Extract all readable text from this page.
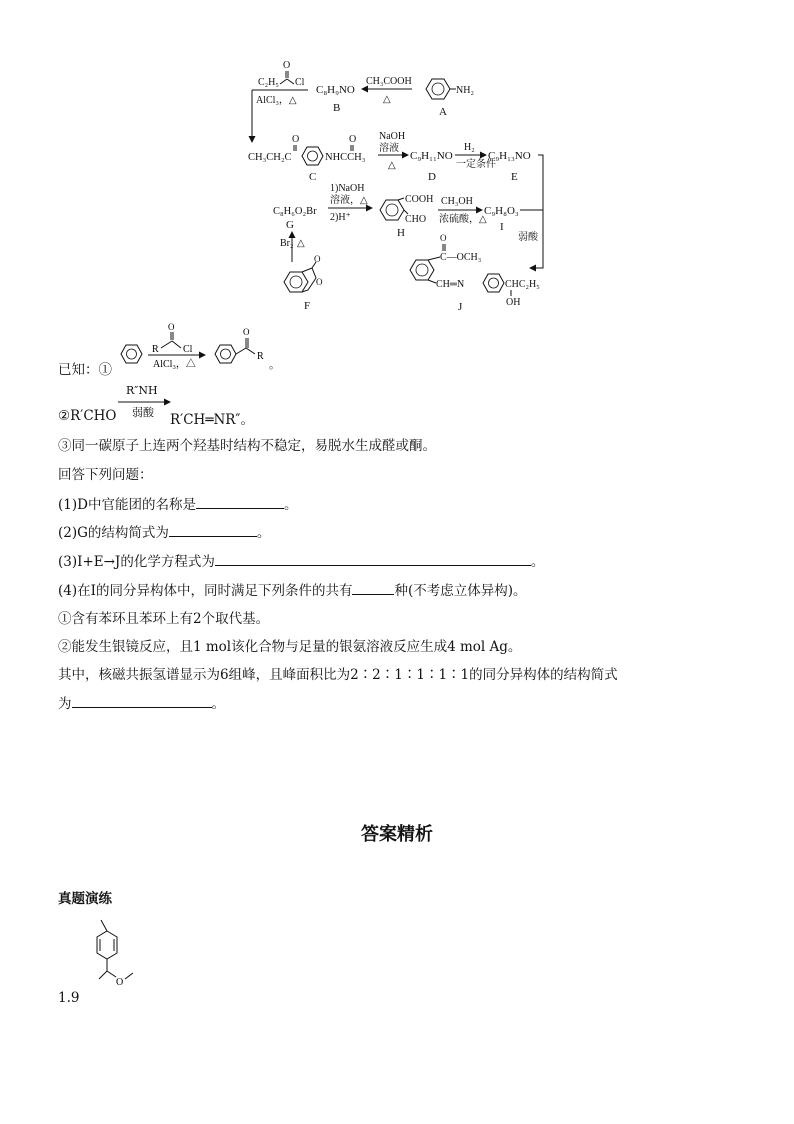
C₂H₅
O
Cl
AlCl₃，△
C₈H₉NO
B
CH₃COOH
△
NH₂
A
CH₃CH₂C
O
NHCCH₃
O
C
NaOH
溶液
△
C₉H₁₁NO
D
H₂
一定条件
C₉H₁₃NO
E
C₈H₆O₂Br
G
Br₂ △
1)NaOH
溶液，△
2)H⁺
COOH
CHO
H
CH₃OH
浓硫酸，△
C₉H₈O₃
I
弱酸
O
O
F
O
C—OCH₃
CH═N	CHC₂H₅
OH
J
已知：①
O
R Cl
AlCl₃，△
O
R
。
R″NH
②R′CHO 弱酸 R′CH═NR″。
③同一碳原子上连两个羟基时结构不稳定，易脱水生成醛或酮。
回答下列问题：
(1)D中官能团的名称是	。
(2)G的结构简式为	。
(3)I+E→J的化学方程式为	。
(4)在I的同分异构体中，同时满足下列条件的共有	种(不考虑立体异构)。
①含有苯环且苯环上有2个取代基。
②能发生银镜反应，且1 mol该化合物与足量的银氨溶液反应生成4 mol Ag。
其中，核磁共振氢谱显示为6组峰，且峰面积比为2∶2∶1∶1∶1∶1的同分异构体的结构简式
为	。
答案精析
真题演练
1.9
O
